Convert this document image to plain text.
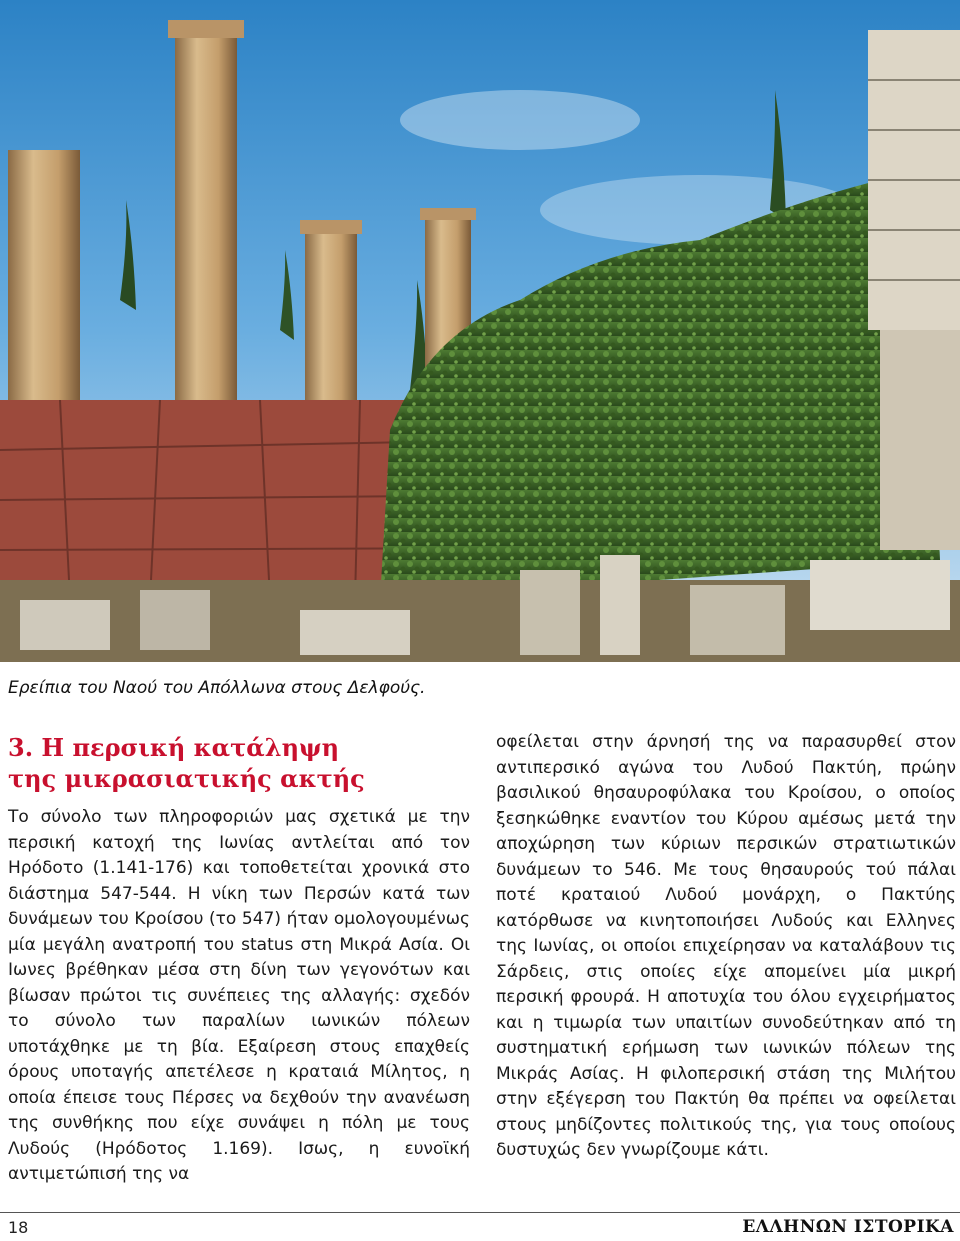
Ερείπια του Ναού του Απόλλωνα στους Δελφούς.
3. Η περσική κατάληψη
της μικρασιατικής ακτής

Το σύνολο των πληροφοριών μας σχετικά με την περσική κατοχή της Ιωνίας αντλείται από τον Ηρόδοτο (1.141-176) και τοποθετείται χρονικά στο διάστημα 547-544. Η νίκη των Περσών κατά των δυνάμεων του Κροίσου (το 547) ήταν ομολογουμένως μία μεγάλη ανατροπή του status στη Μικρά Ασία. Οι Ιωνες βρέθηκαν μέσα στη δίνη των γεγονότων και βίωσαν πρώτοι τις συνέπειες της αλλαγής: σχεδόν το σύνολο των παραλίων ιωνικών πόλεων υποτάχθηκε με τη βία. Εξαίρεση στους επαχθείς όρους υποταγής απετέλεσε η κραταιά Μίλητος, η οποία έπεισε τους Πέρσες να δεχθούν την ανανέωση της συνθήκης που είχε συνάψει η πόλη με τους Λυδούς (Ηρόδοτος 1.169). Ισως, η ευνοϊκή αντιμετώπισή της να

οφείλεται στην άρνησή της να παρασυρθεί στον αντιπερσικό αγώνα του Λυδού Πακτύη, πρώην βασιλικού θησαυροφύλακα του Κροίσου, ο οποίος ξεσηκώθηκε εναντίον του Κύρου αμέσως μετά την αποχώρηση των κύριων περσικών στρατιωτικών δυνάμεων το 546. Με τους θησαυρούς τού πάλαι ποτέ κραταιού Λυδού μονάρχη, ο Πακτύης κατόρθωσε να κινητοποιήσει Λυδούς και Ελληνες της Ιωνίας, οι οποίοι επιχείρησαν να καταλάβουν τις Σάρδεις, στις οποίες είχε απομείνει μία μικρή περσική φρουρά. Η αποτυχία του όλου εγχειρήματος και η τιμωρία των υπαιτίων συνοδεύτηκαν από τη συστηματική ερήμωση των ιωνικών πόλεων της Μικράς Ασίας. Η φιλοπερσική στάση της Μιλήτου στην εξέγερση του Πακτύη θα πρέπει να οφείλεται στους μηδίζοντες πολιτικούς της, για τους οποίους δυστυχώς δεν γνωρίζουμε κάτι.

18	ΕΛΛΗΝΩΝ ΙΣΤΟΡΙΚΑ
